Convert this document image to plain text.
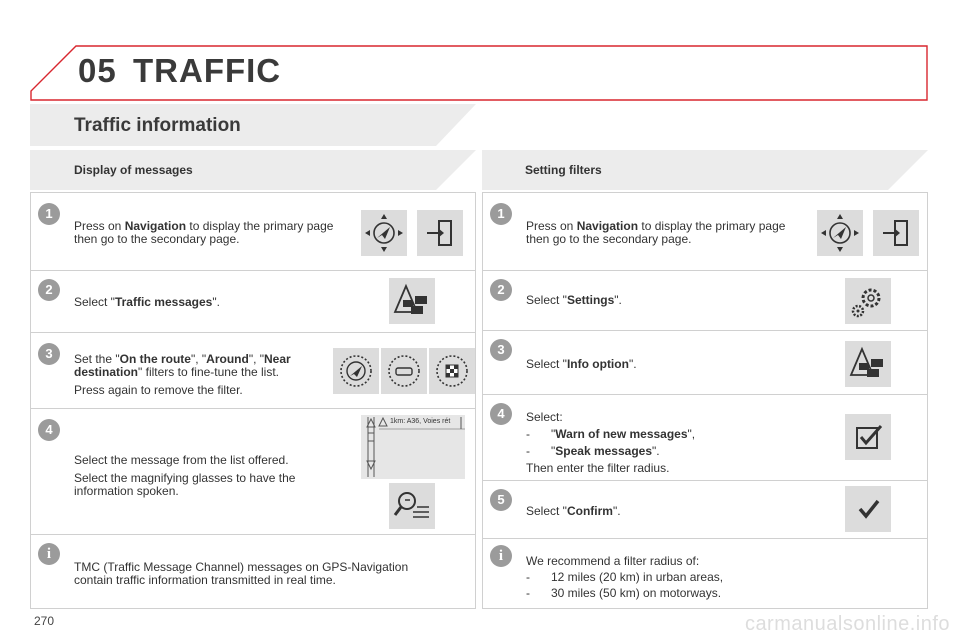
05 TRAFFIC
Traffic information
Display of messages
1
Press on Navigation to display the primary page then go to the secondary page.
2
Select "Traffic messages".
3	Set the "On the route", "Around", "Near destination" filters to fine-tune the list.

Press again to remove the filter.

4

Select the message from the list offered.

Select the magnifying glasses to have the information spoken.

1km: A36, Voies rét
i
TMC (Traffic Message Channel) messages on GPS-Navigation contain traffic information transmitted in real time.
Setting filters
1
Press on Navigation to display the primary page then go to the secondary page.
2
Select "Settings".
3
Select "Info option".
4	Select:
- "Warn of new messages",
- "Speak messages".
Then enter the filter radius.
5
Select "Confirm".
i	We recommend a filter radius of:
- 12 miles (20 km) in urban areas,
- 30 miles (50 km) on motorways.
270	carmanualsonline.info
